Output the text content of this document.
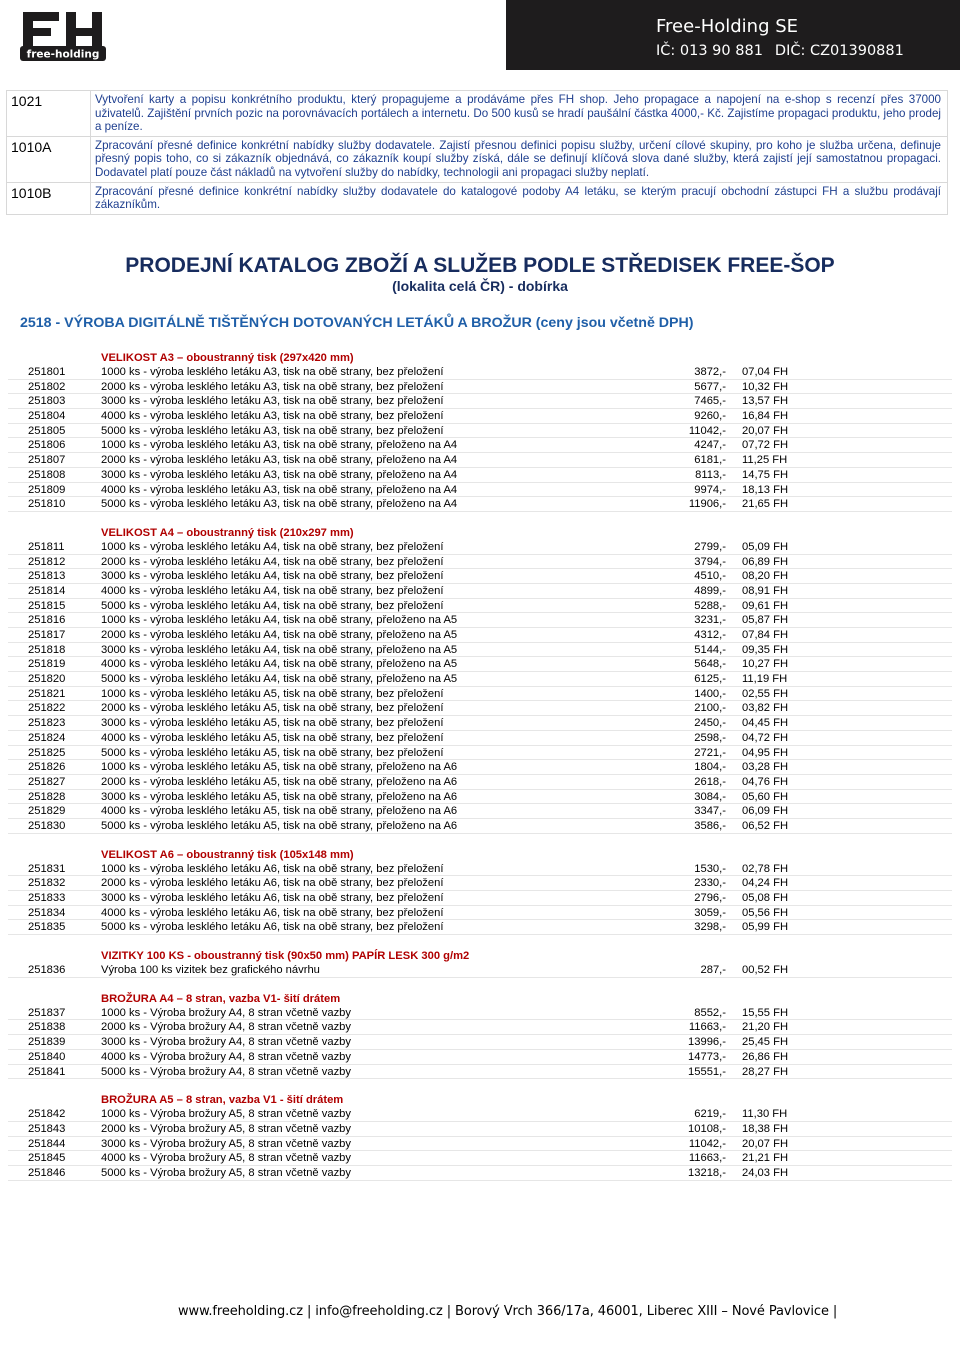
free-holding
Free-Holding SE
IČ: 013 90 881 DIČ: CZ01390881
1021	Vytvoření karty a popisu konkrétního produktu, který propagujeme a prodáváme přes FH shop. Jeho propagace a napojení na e-shop s recenzí přes 37000 uživatelů. Zajištění prvních pozic na porovnávacích portálech a internetu. Do 500 kusů se hradí paušální částka 4000,- Kč. Zajistíme propagaci produktu, jeho prodej a peníze.
1010A	Zpracování přesné definice konkrétní nabídky služby dodavatele. Zajistí přesnou definici popisu služby, určení cílové skupiny, pro koho je služba určena, definuje přesný popis toho, co si zákazník objednává, co zákazník koupí služby získá, dále se definují klíčová slova dané služby, která zajistí její samostatnou propagaci. Dodavatel platí pouze část nákladů na vytvoření služby do nabídky, technologii ani propagaci služby neplatí.
1010B	Zpracování přesné definice konkrétní nabídky služby dodavatele do katalogové podoby A4 letáku, se kterým pracují obchodní zástupci FH a službu prodávají zákazníkům.
PRODEJNÍ KATALOG ZBOŽÍ A SLUŽEB PODLE STŘEDISEK FREE-ŠOP
(lokalita celá ČR) - dobírka
2518 - VÝROBA DIGITÁLNĚ TIŠTĚNÝCH DOTOVANÝCH LETÁKŮ A BROŽUR (ceny jsou včetně DPH)
VELIKOST A3 – oboustranný tisk (297x420 mm)
251801	1000 ks - výroba lesklého letáku A3, tisk na obě strany, bez přeložení	3872,- 07,04 FH
251802	2000 ks - výroba lesklého letáku A3, tisk na obě strany, bez přeložení	5677,- 10,32 FH
251803	3000 ks - výroba lesklého letáku A3, tisk na obě strany, bez přeložení	7465,- 13,57 FH
251804	4000 ks - výroba lesklého letáku A3, tisk na obě strany, bez přeložení	9260,- 16,84 FH
251805	5000 ks - výroba lesklého letáku A3, tisk na obě strany, bez přeložení	11042,- 20,07 FH
251806	1000 ks - výroba lesklého letáku A3, tisk na obě strany, přeloženo na A4	4247,- 07,72 FH
251807	2000 ks - výroba lesklého letáku A3, tisk na obě strany, přeloženo na A4	6181,- 11,25 FH
251808	3000 ks - výroba lesklého letáku A3, tisk na obě strany, přeloženo na A4	8113,- 14,75 FH
251809	4000 ks - výroba lesklého letáku A3, tisk na obě strany, přeloženo na A4	9974,- 18,13 FH
251810	5000 ks - výroba lesklého letáku A3, tisk na obě strany, přeloženo na A4	11906,- 21,65 FH
VELIKOST A4 – oboustranný tisk (210x297 mm)
251811	1000 ks - výroba lesklého letáku A4, tisk na obě strany, bez přeložení	2799,- 05,09 FH
251812	2000 ks - výroba lesklého letáku A4, tisk na obě strany, bez přeložení	3794,- 06,89 FH
251813	3000 ks - výroba lesklého letáku A4, tisk na obě strany, bez přeložení	4510,- 08,20 FH
251814	4000 ks - výroba lesklého letáku A4, tisk na obě strany, bez přeložení	4899,- 08,91 FH
251815	5000 ks - výroba lesklého letáku A4, tisk na obě strany, bez přeložení	5288,- 09,61 FH
251816	1000 ks - výroba lesklého letáku A4, tisk na obě strany, přeloženo na A5	3231,- 05,87 FH
251817	2000 ks - výroba lesklého letáku A4, tisk na obě strany, přeloženo na A5	4312,- 07,84 FH
251818	3000 ks - výroba lesklého letáku A4, tisk na obě strany, přeloženo na A5	5144,- 09,35 FH
251819	4000 ks - výroba lesklého letáku A4, tisk na obě strany, přeloženo na A5	5648,- 10,27 FH
251820	5000 ks - výroba lesklého letáku A4, tisk na obě strany, přeloženo na A5	6125,- 11,19 FH
251821	1000 ks - výroba lesklého letáku A5, tisk na obě strany, bez přeložení	1400,- 02,55 FH
251822	2000 ks - výroba lesklého letáku A5, tisk na obě strany, bez přeložení	2100,- 03,82 FH
251823	3000 ks - výroba lesklého letáku A5, tisk na obě strany, bez přeložení	2450,- 04,45 FH
251824	4000 ks - výroba lesklého letáku A5, tisk na obě strany, bez přeložení	2598,- 04,72 FH
251825	5000 ks - výroba lesklého letáku A5, tisk na obě strany, bez přeložení	2721,- 04,95 FH
251826	1000 ks - výroba lesklého letáku A5, tisk na obě strany, přeloženo na A6	1804,- 03,28 FH
251827	2000 ks - výroba lesklého letáku A5, tisk na obě strany, přeloženo na A6	2618,- 04,76 FH
251828	3000 ks - výroba lesklého letáku A5, tisk na obě strany, přeloženo na A6	3084,- 05,60 FH
251829	4000 ks - výroba lesklého letáku A5, tisk na obě strany, přeloženo na A6	3347,- 06,09 FH
251830	5000 ks - výroba lesklého letáku A5, tisk na obě strany, přeloženo na A6	3586,- 06,52 FH
VELIKOST A6 – oboustranný tisk (105x148 mm)
251831	1000 ks - výroba lesklého letáku A6, tisk na obě strany, bez přeložení	1530,- 02,78 FH
251832	2000 ks - výroba lesklého letáku A6, tisk na obě strany, bez přeložení	2330,- 04,24 FH
251833	3000 ks - výroba lesklého letáku A6, tisk na obě strany, bez přeložení	2796,- 05,08 FH
251834	4000 ks - výroba lesklého letáku A6, tisk na obě strany, bez přeložení	3059,- 05,56 FH
251835	5000 ks - výroba lesklého letáku A6, tisk na obě strany, bez přeložení	3298,- 05,99 FH
VIZITKY 100 KS - oboustranný tisk (90x50 mm) PAPÍR LESK 300 g/m2
251836	Výroba 100 ks vizitek bez grafického návrhu	287,- 00,52 FH
BROŽURA A4 – 8 stran, vazba V1- šití drátem
251837	1000 ks - Výroba brožury A4, 8 stran včetně vazby	8552,- 15,55 FH
251838	2000 ks - Výroba brožury A4, 8 stran včetně vazby	11663,- 21,20 FH
251839	3000 ks - Výroba brožury A4, 8 stran včetně vazby	13996,- 25,45 FH
251840	4000 ks - Výroba brožury A4, 8 stran včetně vazby	14773,- 26,86 FH
251841	5000 ks - Výroba brožury A4, 8 stran včetně vazby	15551,- 28,27 FH
BROŽURA A5 – 8 stran, vazba V1 - šití drátem
251842	1000 ks - Výroba brožury A5, 8 stran včetně vazby	6219,- 11,30 FH
251843	2000 ks - Výroba brožury A5, 8 stran včetně vazby	10108,- 18,38 FH
251844	3000 ks - Výroba brožury A5, 8 stran včetně vazby	11042,- 20,07 FH
251845	4000 ks - Výroba brožury A5, 8 stran včetně vazby	11663,- 21,21 FH
251846	5000 ks - Výroba brožury A5, 8 stran včetně vazby	13218,- 24,03 FH
www.freeholding.cz | info@freeholding.cz | Borový Vrch 366/17a, 46001, Liberec XIII – Nové Pavlovice |
